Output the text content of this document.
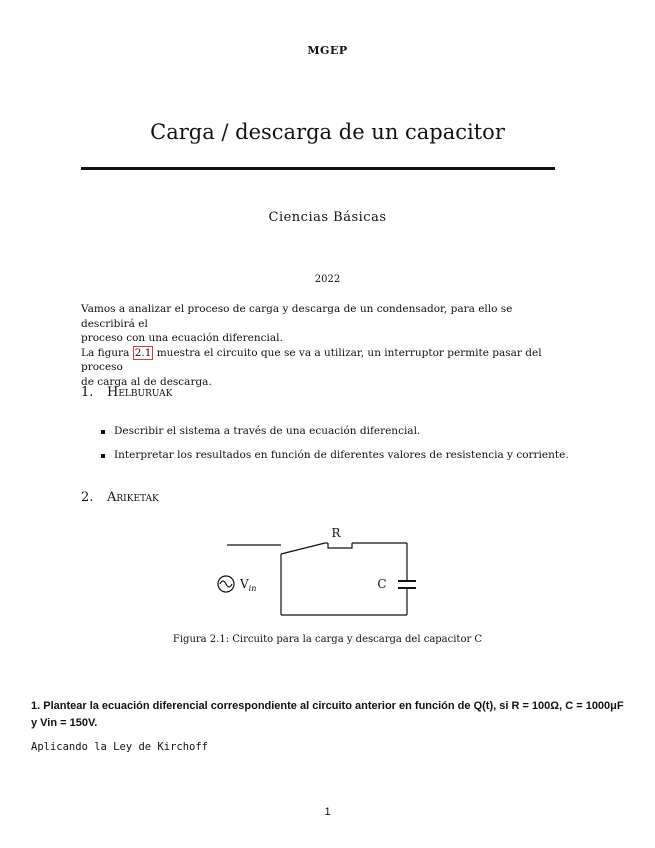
MGEP
Carga / descarga de un capacitor
Ciencias Básicas
2022
Vamos a analizar el proceso de carga y descarga de un condensador, para ello se describirá el
proceso con una ecuación diferencial.
La figura 2.1 muestra el circuito que se va a utilizar, un interruptor permite pasar del proceso
de carga al de descarga.
1. Helburuak
Describir el sistema a través de una ecuación diferencial.
Interpretar los resultados en función de diferentes valores de resistencia y corriente.
2. Ariketak
R
C
$V_{in}$
Figura 2.1: Circuito para la carga y descarga del capacitor C
1. Plantear la ecuación diferencial correspondiente al circuito anterior en función de Q(t), si R = 100Ω, C = 1000μF y Vin = 150V.
Aplicando la Ley de Kirchoff
1
